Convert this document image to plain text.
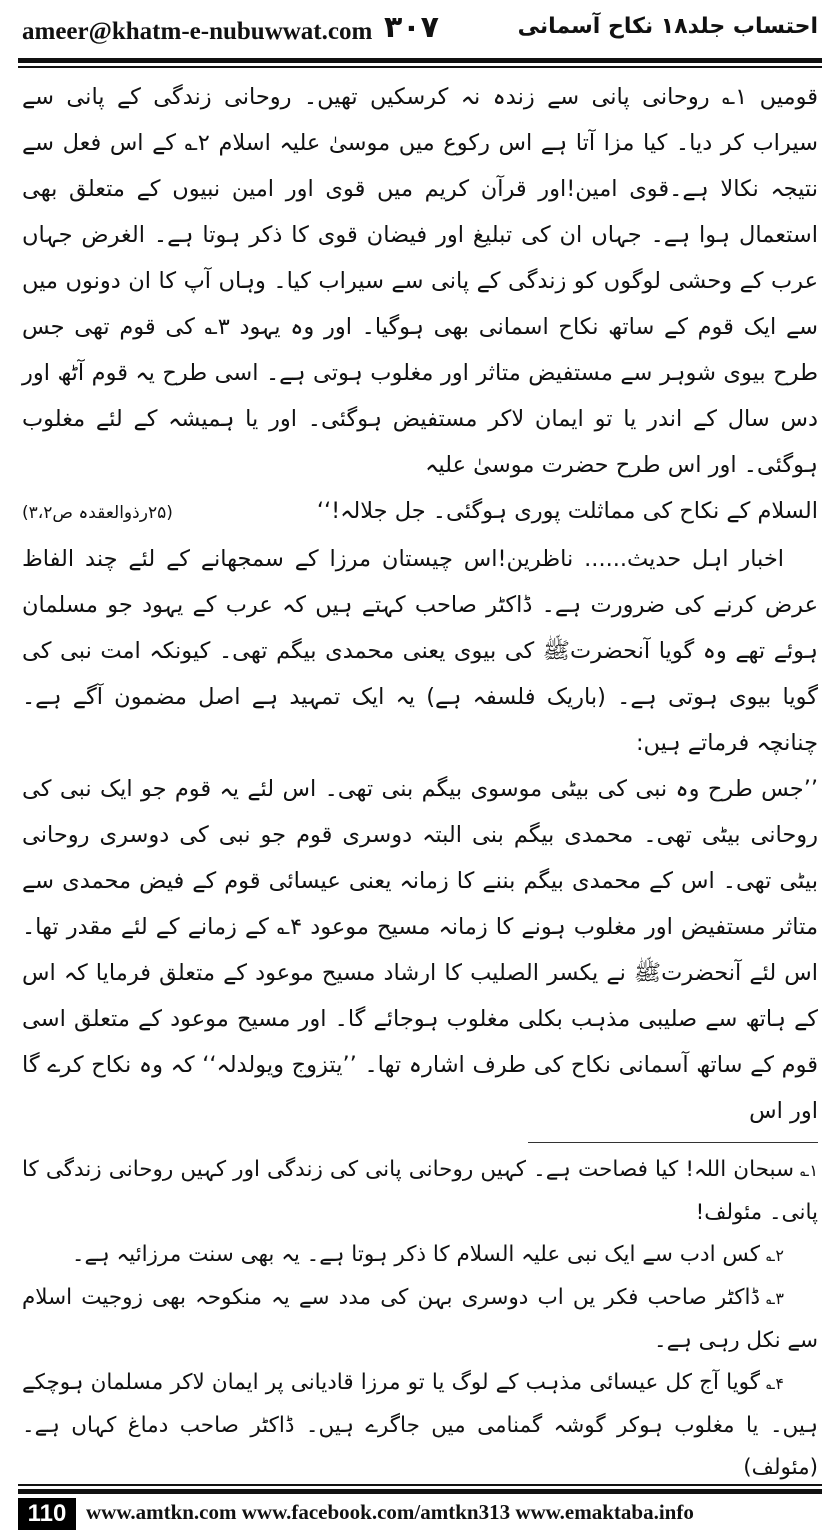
ameer@khatm-e-nubuwwat.com ۳۰۷	احتساب جلد۱۸ نکاح آسمانی

قومیں ۱؎ روحانی پانی سے زندہ نہ کرسکیں تھیں۔ روحانی زندگی کے پانی سے سیراب کر دیا۔ کیا مزا آتا ہے اس رکوع میں موسیٰ علیہ اسلام ۲؎ کے اس فعل سے نتیجہ نکالا ہے۔قوی امین!اور قرآن کریم میں قوی اور امین نبیوں کے متعلق بھی استعمال ہوا ہے۔ جہاں ان کی تبلیغ اور فیضان قوی کا ذکر ہوتا ہے۔ الغرض جہاں عرب کے وحشی لوگوں کو زندگی کے پانی سے سیراب کیا۔ وہاں آپ کا ان دونوں میں سے ایک قوم کے ساتھ نکاح اسمانی بھی ہوگیا۔ اور وہ یہود ۳؎ کی قوم تھی جس طرح بیوی شوہر سے مستفیض متاثر اور مغلوب ہوتی ہے۔ اسی طرح یہ قوم آٹھ اور دس سال کے اندر یا تو ایمان لاکر مستفیض ہوگئی۔ اور یا ہمیشہ کے لئے مغلوب ہوگئی۔ اور اس طرح حضرت موسیٰ علیہ

السلام کے نکاح کی مماثلت پوری ہوگئی۔ جل جلالہ!‘‘
(۲۵رذوالعقدہ ص۳،۲)

اخبار اہل حدیث...... ناظرین!اس چیستان مرزا کے سمجھانے کے لئے چند الفاظ عرض کرنے کی ضرورت ہے۔ ڈاکٹر صاحب کہتے ہیں کہ عرب کے یہود جو مسلمان ہوئے تھے وہ گویا آنحضرتﷺ کی بیوی یعنی محمدی بیگم تھی۔ کیونکہ امت نبی کی گویا بیوی ہوتی ہے۔ (باریک فلسفہ ہے) یہ ایک تمہید ہے اصل مضمون آگے ہے۔ چنانچہ فرماتے ہیں:

’’جس طرح وہ نبی کی بیٹی موسوی بیگم بنی تھی۔ اس لئے یہ قوم جو ایک نبی کی روحانی بیٹی تھی۔ محمدی بیگم بنی البتہ دوسری قوم جو نبی کی دوسری روحانی بیٹی تھی۔ اس کے محمدی بیگم بننے کا زمانہ یعنی عیسائی قوم کے فیض محمدی سے متاثر مستفیض اور مغلوب ہونے کا زمانہ مسیح موعود ۴؎ کے زمانے کے لئے مقدر تھا۔ اس لئے آنحضرتﷺ نے یکسر الصلیب کا ارشاد مسیح موعود کے متعلق فرمایا کہ اس کے ہاتھ سے صلیبی مذہب بکلی مغلوب ہوجائے گا۔ اور مسیح موعود کے متعلق اسی قوم کے ساتھ آسمانی نکاح کی طرف اشارہ تھا۔ ’’یتزوج ویولدلہ‘‘ کہ وہ نکاح کرے گا اور اس

۱؎سبحان اللہ! کیا فصاحت ہے۔ کہیں روحانی پانی کی زندگی اور کہیں روحانی زندگی کا پانی۔ مئولف!

۲؎کس ادب سے ایک نبی علیہ السلام کا ذکر ہوتا ہے۔ یہ بھی سنت مرزائیہ ہے۔

۳؎ڈاکٹر صاحب فکر یں اب دوسری بہن کی مدد سے یہ منکوحہ بھی زوجیت اسلام سے نکل رہی ہے۔

۴؎گویا آج کل عیسائی مذہب کے لوگ یا تو مرزا قادیانی پر ایمان لاکر مسلمان ہوچکے ہیں۔ یا مغلوب ہوکر گوشہ گمنامی میں جاگرے ہیں۔ ڈاکٹر صاحب دماغ کہاں ہے۔ (مئولف)

110 www.amtkn.com www.facebook.com/amtkn313 www.emaktaba.info
